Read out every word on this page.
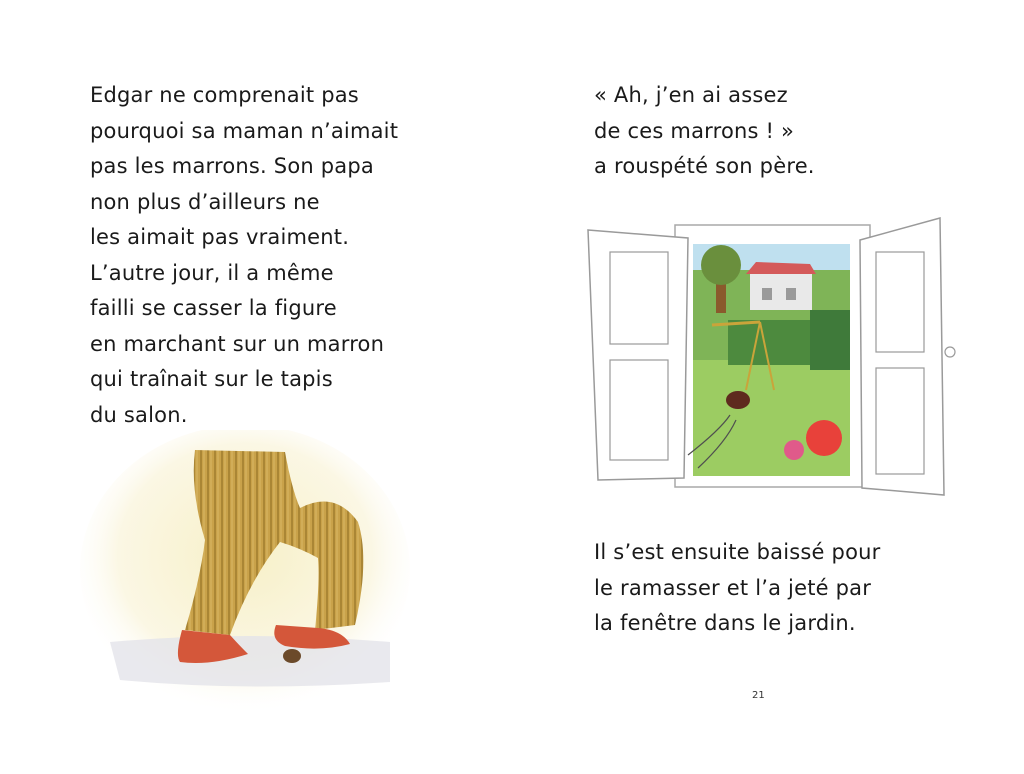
Edgar ne comprenait pas
pourquoi sa maman n’aimait
pas les marrons. Son papa
non plus d’ailleurs ne
les aimait pas vraiment.
L’autre jour, il a même
failli se casser la figure
en marchant sur un marron
qui traînait sur le tapis
du salon.
« Ah, j’en ai assez
de ces marrons ! »
a rouspété son père.
Il s’est ensuite baissé pour
le ramasser et l’a jeté par
la fenêtre dans le jardin.
21
